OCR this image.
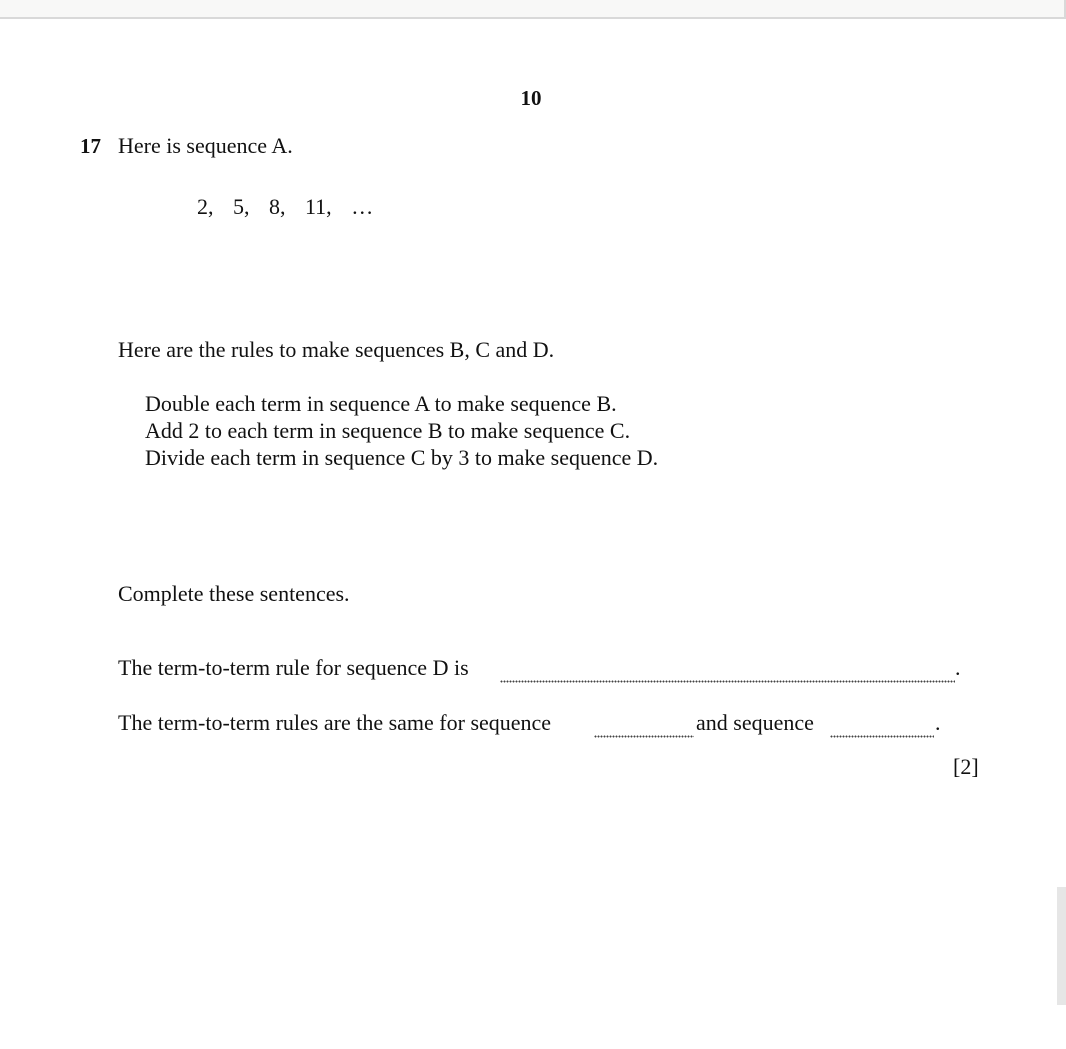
10
17 Here is sequence A.
2, 5, 8, 11, …
Here are the rules to make sequences B, C and D.
Double each term in sequence A to make sequence B.
Add 2 to each term in sequence B to make sequence C.
Divide each term in sequence C by 3 to make sequence D.
Complete these sentences.
The term-to-term rule for sequence D is	.
The term-to-term rules are the same for sequence	and sequence	.
[2]
